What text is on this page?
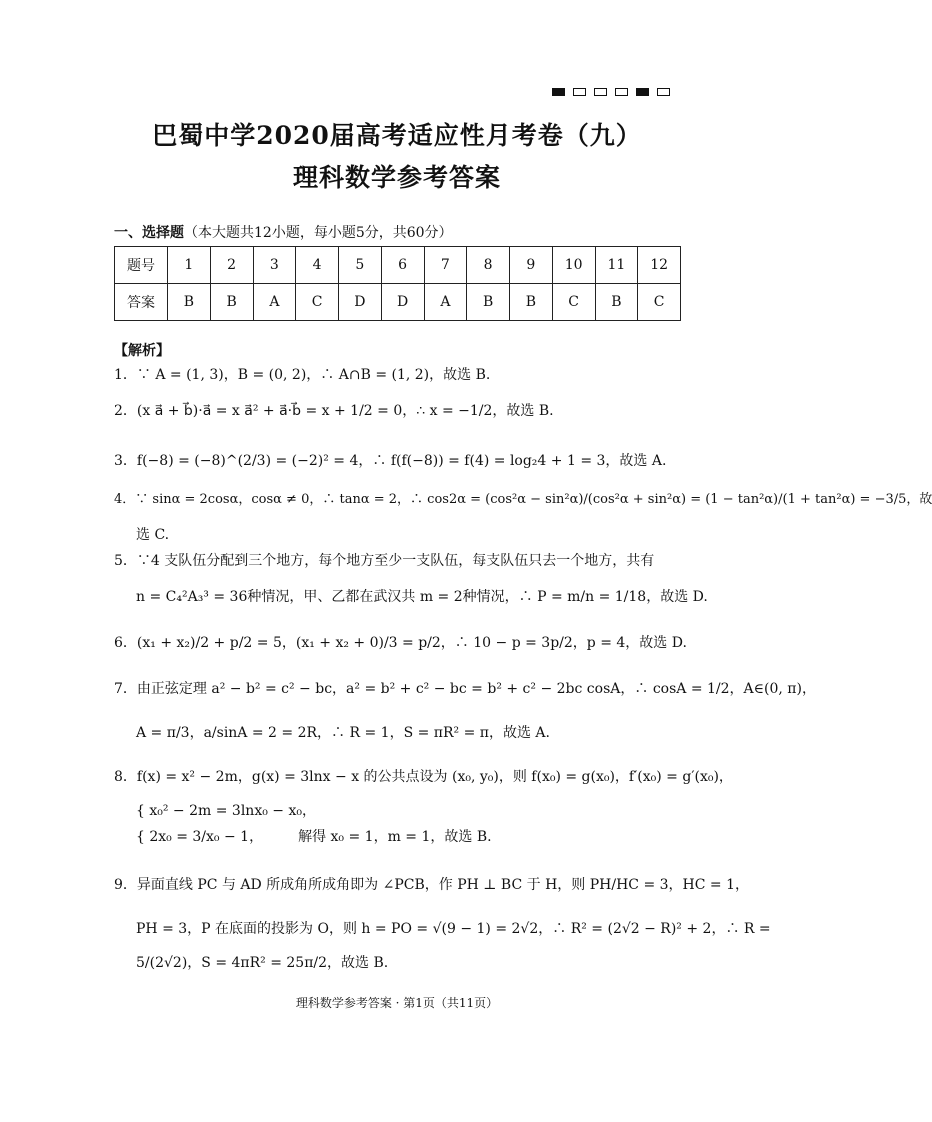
巴蜀中学2020届高考适应性月考卷（九）
理科数学参考答案
一、选择题（本大题共12小题，每小题5分，共60分）
题号	1	2	3	4	5	6	7	8	9	10	11	12
答案	B	B	A	C	D	D	A	B	B	C	B	C
【解析】
1．∵ A = (1, 3)，B = (0, 2)，∴ A∩B = (1, 2)，故选 B.
2．(x a⃗ + b⃗)·a⃗ = x a⃗² + a⃗·b⃗ = x + 1/2 = 0，∴ x = −1/2，故选 B.
3．f(−8) = (−8)^(2/3) = (−2)² = 4，∴ f(f(−8)) = f(4) = log₂4 + 1 = 3，故选 A.
4．∵ sinα = 2cosα，cosα ≠ 0，∴ tanα = 2，∴ cos2α = (cos²α − sin²α)/(cos²α + sin²α) = (1 − tan²α)/(1 + tan²α) = −3/5，故
选 C.
5．∵4 支队伍分配到三个地方，每个地方至少一支队伍，每支队伍只去一个地方，共有
n = C₄²A₃³ = 36种情况，甲、乙都在武汉共 m = 2种情况，∴ P = m/n = 1/18，故选 D.
6．(x₁ + x₂)/2 + p/2 = 5，(x₁ + x₂ + 0)/3 = p/2，∴ 10 − p = 3p/2，p = 4，故选 D.
7．由正弦定理 a² − b² = c² − bc，a² = b² + c² − bc = b² + c² − 2bc cosA，∴ cosA = 1/2，A∈(0, π)，
A = π/3，a/sinA = 2 = 2R，∴ R = 1，S = πR² = π，故选 A.
8．f(x) = x² − 2m，g(x) = 3lnx − x 的公共点设为 (x₀, y₀)，则 f(x₀) = g(x₀)，f′(x₀) = g′(x₀)，
{ x₀² − 2m = 3lnx₀ − x₀，
{ 2x₀ = 3/x₀ − 1，　　　解得 x₀ = 1，m = 1，故选 B.
9．异面直线 PC 与 AD 所成角所成角即为 ∠PCB，作 PH ⊥ BC 于 H，则 PH/HC = 3，HC = 1，
PH = 3，P 在底面的投影为 O，则 h = PO = √(9 − 1) = 2√2，∴ R² = (2√2 − R)² + 2，∴ R =
5/(2√2)，S = 4πR² = 25π/2，故选 B.
理科数学参考答案 · 第1页（共11页）
